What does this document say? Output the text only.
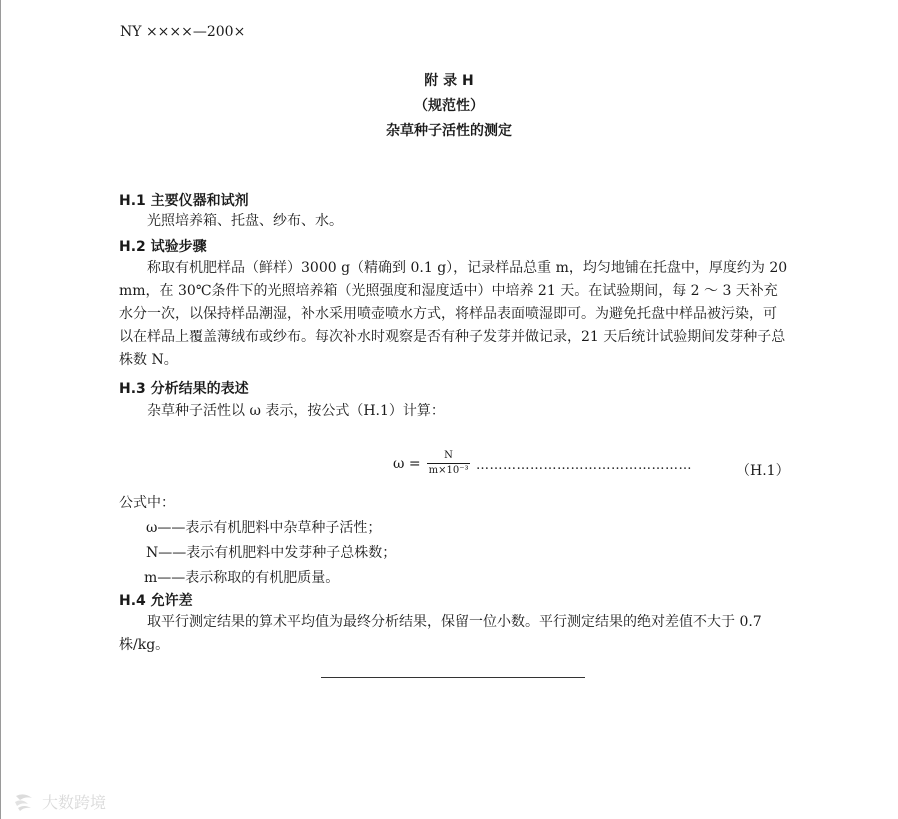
NY ××××—200×
附 录 H
（规范性）
杂草种子活性的测定
H.1 主要仪器和试剂
光照培养箱、托盘、纱布、水。
H.2 试验步骤
称取有机肥样品（鲜样）3000 g（精确到 0.1 g），记录样品总重 m，均匀地铺在托盘中，厚度约为 20 mm，在 30℃条件下的光照培养箱（光照强度和湿度适中）中培养 21 天。在试验期间，每 2 ～ 3 天补充水分一次，以保持样品潮湿，补水采用喷壶喷水方式，将样品表面喷湿即可。为避免托盘中样品被污染，可以在样品上覆盖薄绒布或纱布。每次补水时观察是否有种子发芽并做记录，21 天后统计试验期间发芽种子总株数 N。
H.3 分析结果的表述
杂草种子活性以 ω 表示，按公式（H.1）计算：
$\omega = \frac{N}{\text{m×10⁻³}}$ …………………………………………	（H.1）
公式中：
ω——表示有机肥料中杂草种子活性；
N——表示有机肥料中发芽种子总株数；
m——表示称取的有机肥质量。
H.4 允许差
取平行测定结果的算术平均值为最终分析结果，保留一位小数。平行测定结果的绝对差值不大于 0.7 株/kg。
大数跨境
